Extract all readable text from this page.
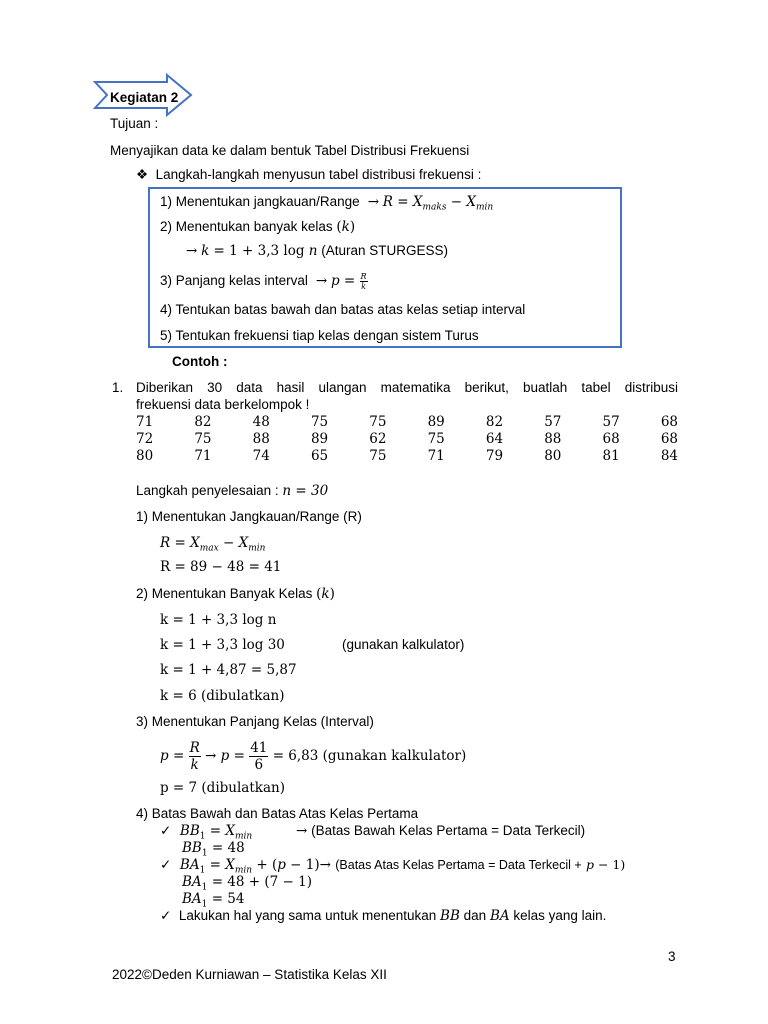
Kegiatan 2
Tujuan :
Menyajikan data ke dalam bentuk Tabel Distribusi Frekuensi
❖ Langkah-langkah menyusun tabel distribusi frekuensi :
1) Menentukan jangkauan/Range  → $R = X_{maks} - X_{min}$
2) Menentukan banyak kelas (k)
→ k = 1 + 3,3 log n (Aturan STURGESS)
3) Panjang kelas interval  → $p = \frac{R}{k}$
4) Tentukan batas bawah dan batas atas kelas setiap interval
5) Tentukan frekuensi tiap kelas dengan sistem Turus
Contoh :
1. Diberikan 30 data hasil ulangan matematika berikut, buatlah tabel distribusi
frekuensi data berkelompok !
71	82	48	75	75	89	82	57	57	68
72	75	88	89	62	75	64	88	68	68
80	71	74	65	75	71	79	80	81	84
Langkah penyelesaian : n = 30
1) Menentukan Jangkauan/Range (R)
$R = X_{max} - X_{min}$
R = 89 − 48 = 41
2) Menentukan Banyak Kelas (k)
k = 1 + 3,3 log n
k = 1 + 3,3 log 30	(gunakan kalkulator)
k = 1 + 4,87 = 5,87
k = 6 (dibulatkan)
3) Menentukan Panjang Kelas (Interval)
$p = \frac{R}{k} \to p = \frac{41}{6}$
= 6,83 (gunakan kalkulator)
p = 7 (dibulatkan)
4) Batas Bawah dan Batas Atas Kelas Pertama
✓ $BB_1 = X_{min}$	→ (Batas Bawah Kelas Pertama = Data Terkecil)
$BB_1 = 48$
✓ $BA_1 = X_{min} + (p - 1)\to$ (Batas Atas Kelas Pertama = Data Terkecil + p − 1)
$BA_1 = 48 + (7 - 1)$
$BA_1 = 54$
✓ Lakukan hal yang sama untuk menentukan BB dan BA kelas yang lain.
3
2022©Deden Kurniawan – Statistika Kelas XII
